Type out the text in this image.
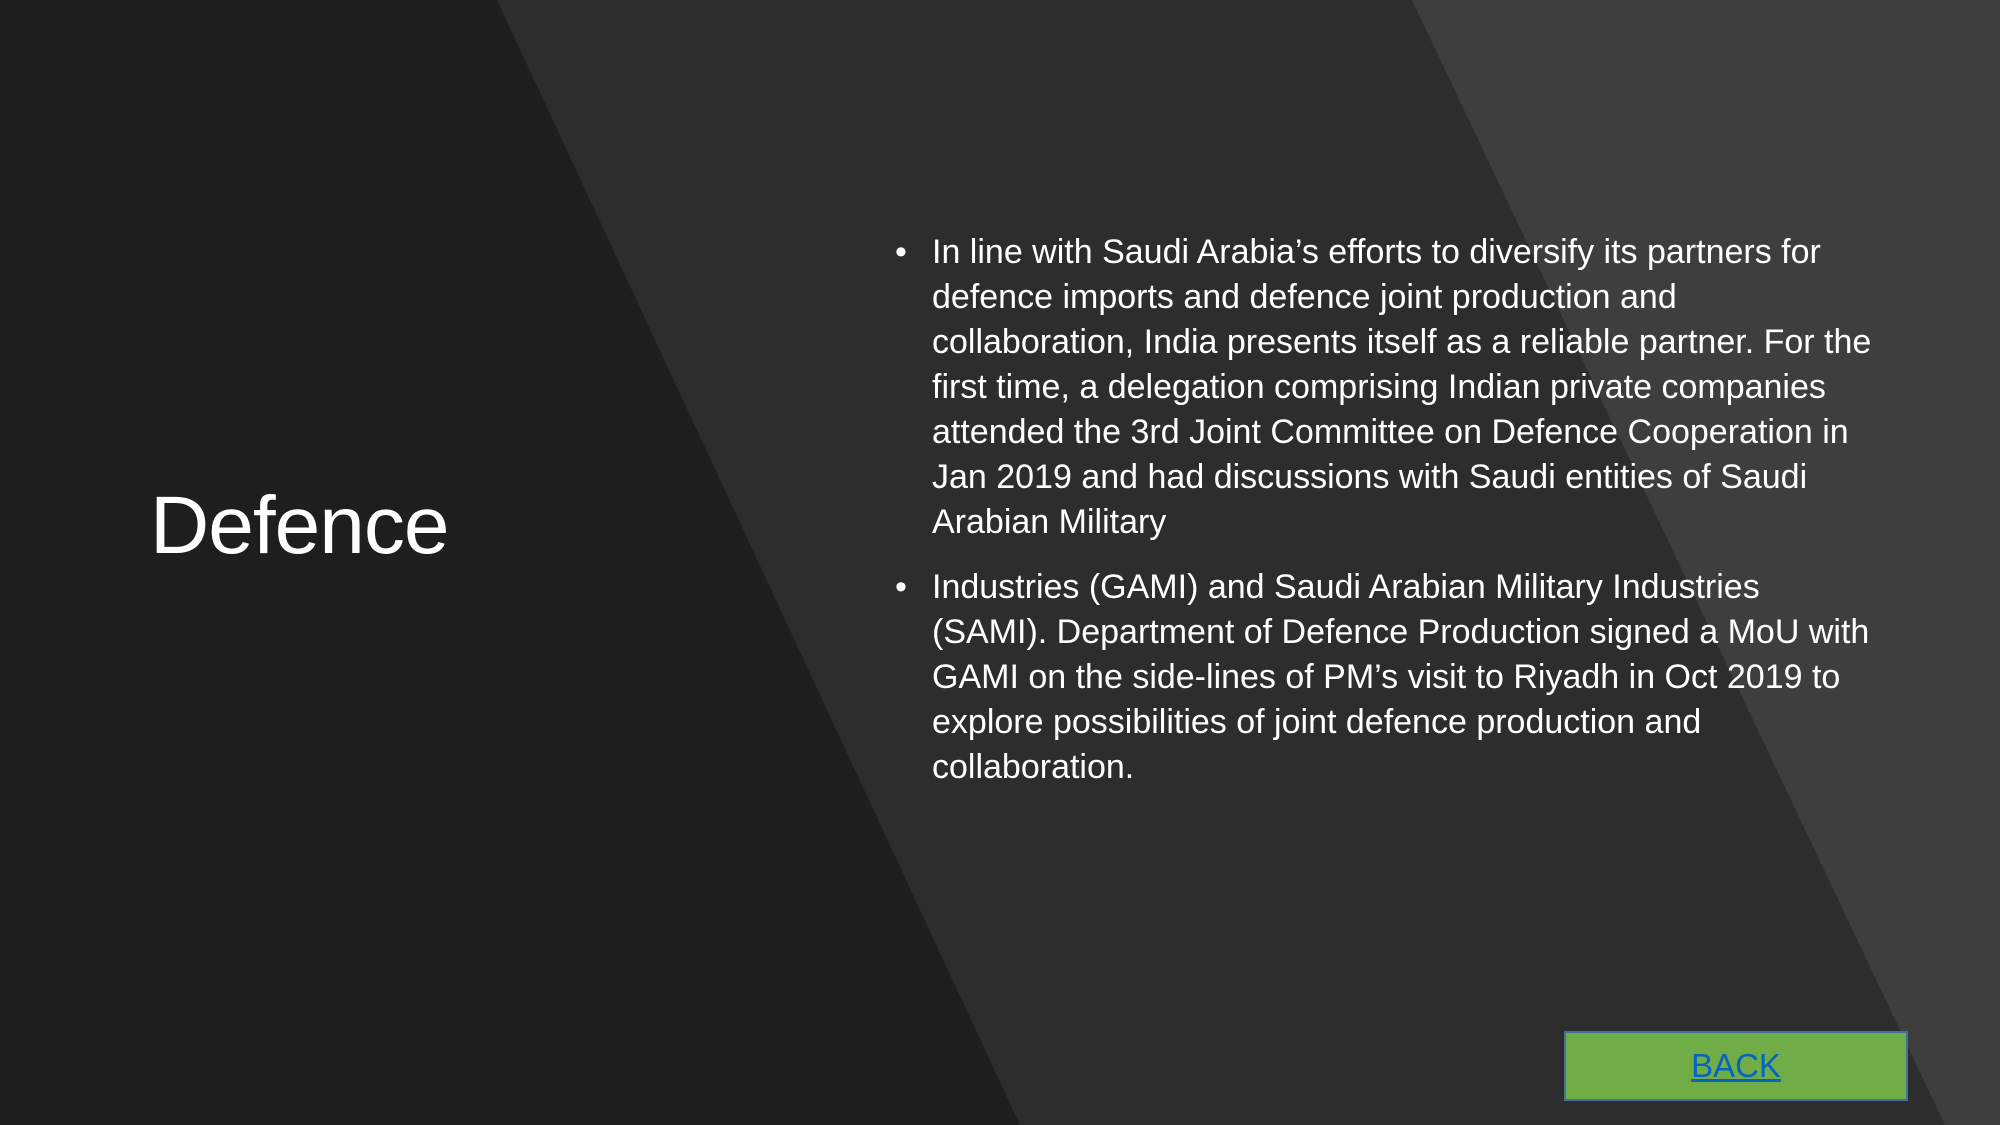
Defence
• In line with Saudi Arabia’s efforts to diversify its partners for defence imports and defence joint production and collaboration, India presents itself as a reliable partner. For the first time, a delegation comprising Indian private companies attended the 3rd Joint Committee on Defence Cooperation in Jan 2019 and had discussions with Saudi entities of Saudi Arabian Military
• Industries (GAMI) and Saudi Arabian Military Industries (SAMI). Department of Defence Production signed a MoU with GAMI on the side-lines of PM’s visit to Riyadh in Oct 2019 to explore possibilities of joint defence production and collaboration.
BACK
